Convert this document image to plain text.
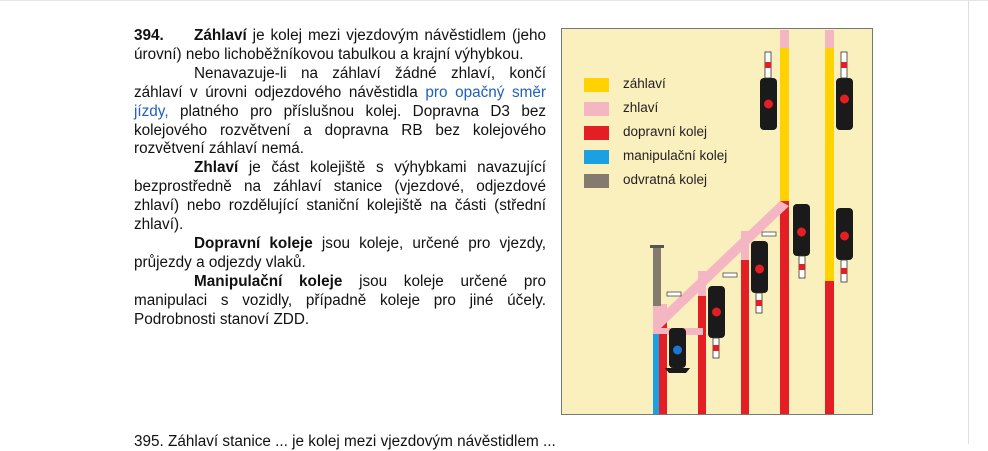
394. Záhlaví je kolej mezi vjezdovým návěstidlem (jeho úrovní) nebo lichoběžníkovou tabulkou a krajní výhybkou.

Nenavazuje-li na záhlaví žádné zhlaví, končí záhlaví v úrovni odjezdového návěstidla pro opačný směr jízdy, platného pro příslušnou kolej. Dopravna D3 bez kolejového rozvětvení a dopravna RB bez kolejového rozvětvení záhlaví nemá.

Zhlaví je část kolejiště s výhybkami navazující bezprostředně na záhlaví stanice (vjezdové, odjezdové zhlaví) nebo rozdělující staniční kolejiště na části (střední zhlaví).

Dopravní koleje jsou koleje, určené pro vjezdy, průjezdy a odjezdy vlaků.

Manipulační koleje jsou koleje určené pro manipulaci s vozidly, případně koleje pro jiné účely. Podrobnosti stanoví ZDD.

395. Záhlaví stanice ... je kolej mezi vjezdovým návěstidlem ...
záhlaví
zhlaví
dopravní kolej
manipulační kolej
odvratná kolej
